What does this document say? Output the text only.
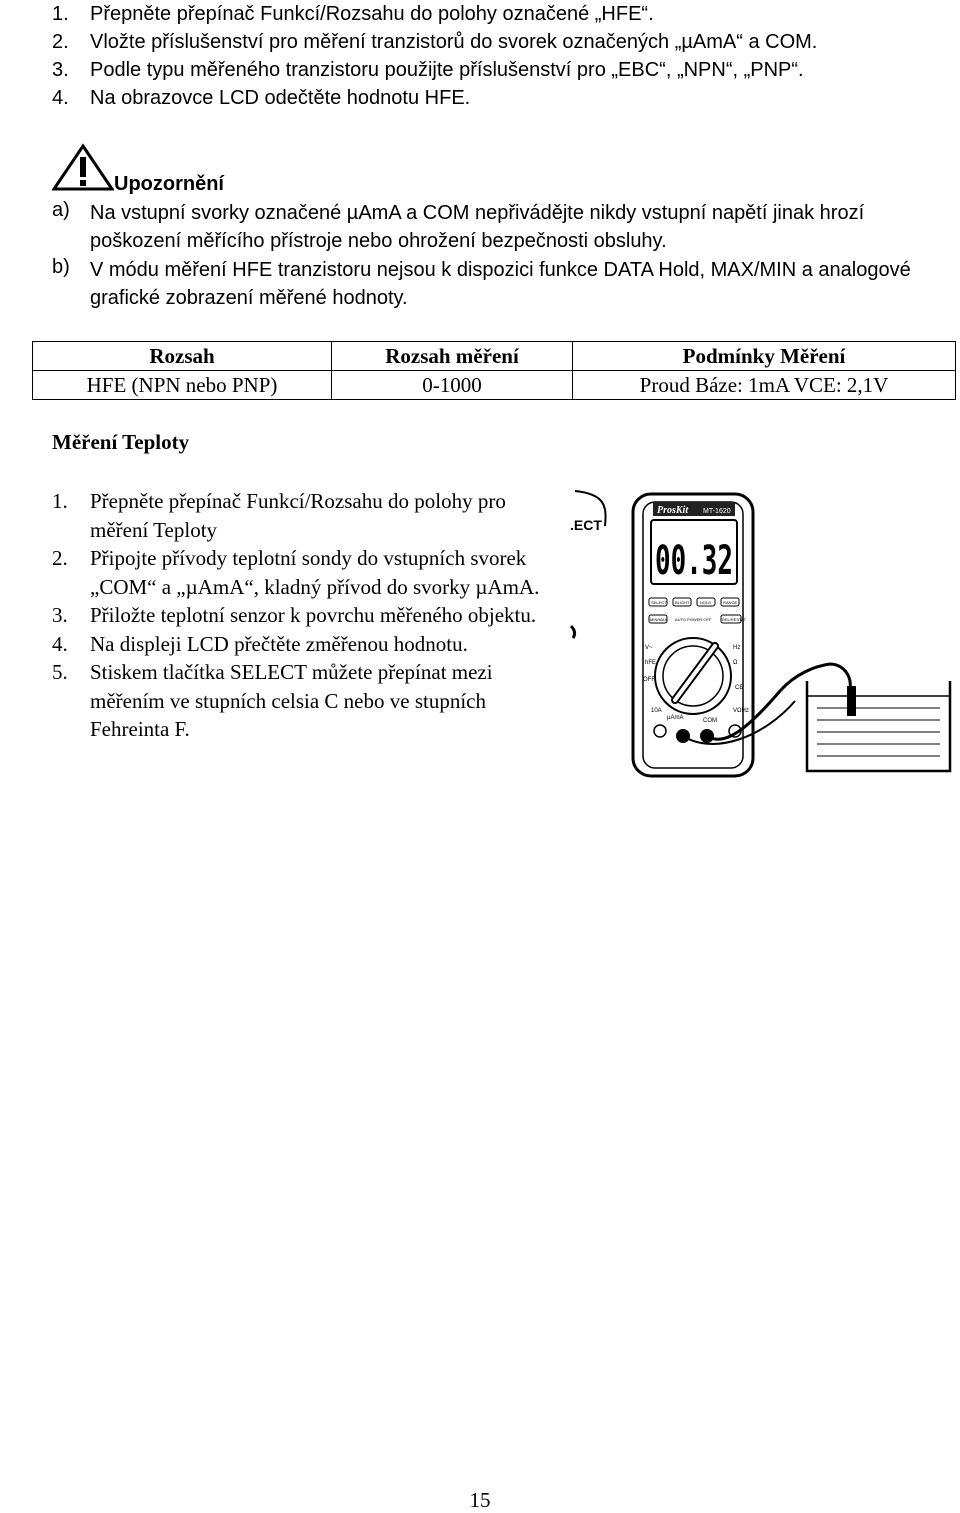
1. Přepněte přepínač Funkcí/Rozsahu do polohy označené „HFE“.
2. Vložte příslušenství pro měření tranzistorů do svorek označených „µAmA“ a COM.
3. Podle typu měřeného tranzistoru použijte příslušenství pro „EBC“, „NPN“, „PNP“.
4. Na obrazovce LCD odečtěte hodnotu HFE.
Upozornění
a)	Na vstupní svorky označené µAmA a COM nepřivádějte nikdy vstupní napětí jinak hrozí poškození měřícího přístroje nebo ohrožení bezpečnosti obsluhy.
b)	V módu měření HFE tranzistoru nejsou k dispozici funkce DATA Hold, MAX/MIN a analogové grafické zobrazení měřené hodnoty.
Rozsah	Rozsah měření	Podmínky Měření
HFE (NPN nebo PNP)	0-1000	Proud Báze: 1mA VCE: 2,1V
Měření Teploty
1. Přepněte přepínač Funkcí/Rozsahu do polohy pro měření Teploty
2. Připojte přívody teplotní sondy do vstupních svorek „COM“ a „µAmA“, kladný přívod do svorky µAmA.
3. Přiložte teplotní senzor k povrchu měřeného objektu.
4. Na displeji LCD přečtěte změřenou hodnotu.
5. Stiskem tlačítka SELECT můžete přepínat mezi měřením ve stupních celsia C nebo ve stupních Fehreinta F.
.ECT
ProsKit MT-1620
00.32
SELECT BLIGHT	HOLD	RANGE
MIN/MAX AUTO POWER OFF	REL/RESTAT
OFF
hFE
V~	Hz
Ω
CE
10A
µAmA	COM
VΩHz
15
